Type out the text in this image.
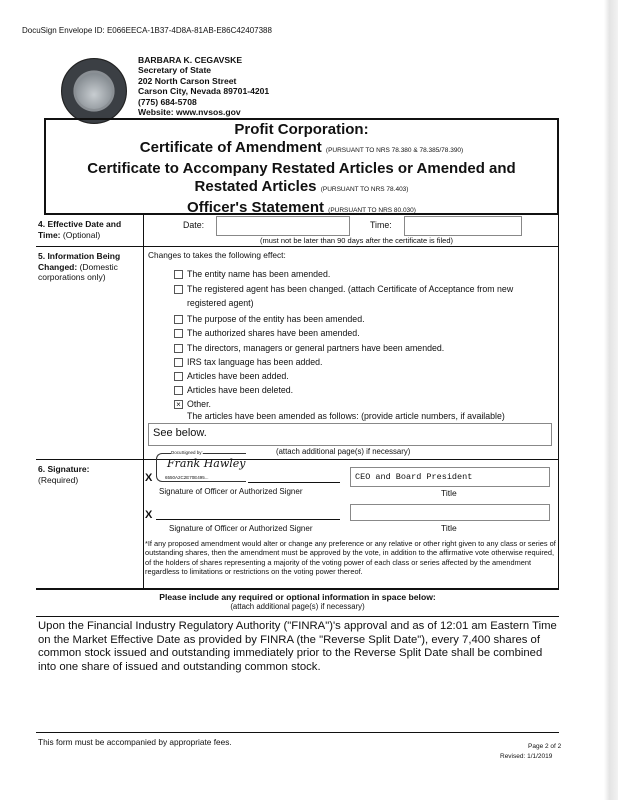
DocuSign Envelope ID: E066EECA-1B37-4D8A-81AB-E86C42407388
BARBARA K. CEGAVSKE
Secretary of State
202 North Carson Street
Carson City, Nevada 89701-4201
(775) 684-5708
Website: www.nvsos.gov
Profit Corporation:
Certificate of Amendment (PURSUANT TO NRS 78.380 & 78.385/78.390)
Certificate to Accompany Restated Articles or Amended and
Restated Articles (PURSUANT TO NRS 78.403)
Officer's Statement (PURSUANT TO NRS 80.030)
4. Effective Date and
Time: (Optional)
Date:	Time:
(must not be later than 90 days after the certificate is filed)
5. Information Being
Changed: (Domestic corporations only)
Changes to takes the following effect:
The entity name has been amended.
The registered agent has been changed. (attach Certificate of Acceptance from new
registered agent)
The purpose of the entity has been amended.
The authorized shares have been amended.
The directors, managers or general partners have been amended.
IRS tax language has been added.
Articles have been added.
Articles have been deleted.
× Other.
The articles have been amended as follows: (provide article numbers, if available)
See below.
(attach additional page(s) if necessary)
6. Signature:
(Required)	X
DocuSigned by:
Frank Hawley
6550A2C2E70E495...
Signature of Officer or Authorized Signer
CEO and Board President
Title
X
Signature of Officer or Authorized Signer	Title
*If any proposed amendment would alter or change any preference or any relative or other right given to any class or series of outstanding shares, then the amendment must be approved by the vote, in addition to the affirmative vote otherwise required, of the holders of shares representing a majority of the voting power of each class or series affected by the amendment regardless to limitations or restrictions on the voting power thereof.
Please include any required or optional information in space below:
(attach additional page(s) if necessary)
Upon the Financial Industry Regulatory Authority ("FINRA")'s approval and as of 12:01 am Eastern Time on the Market Effective Date as provided by FINRA (the "Reverse Split Date"), every 7,400 shares of common stock issued and outstanding immediately prior to the Reverse Split Date shall be combined into one share of issued and outstanding common stock.
This form must be accompanied by appropriate fees.	Page 2 of 2
Revised: 1/1/2019
